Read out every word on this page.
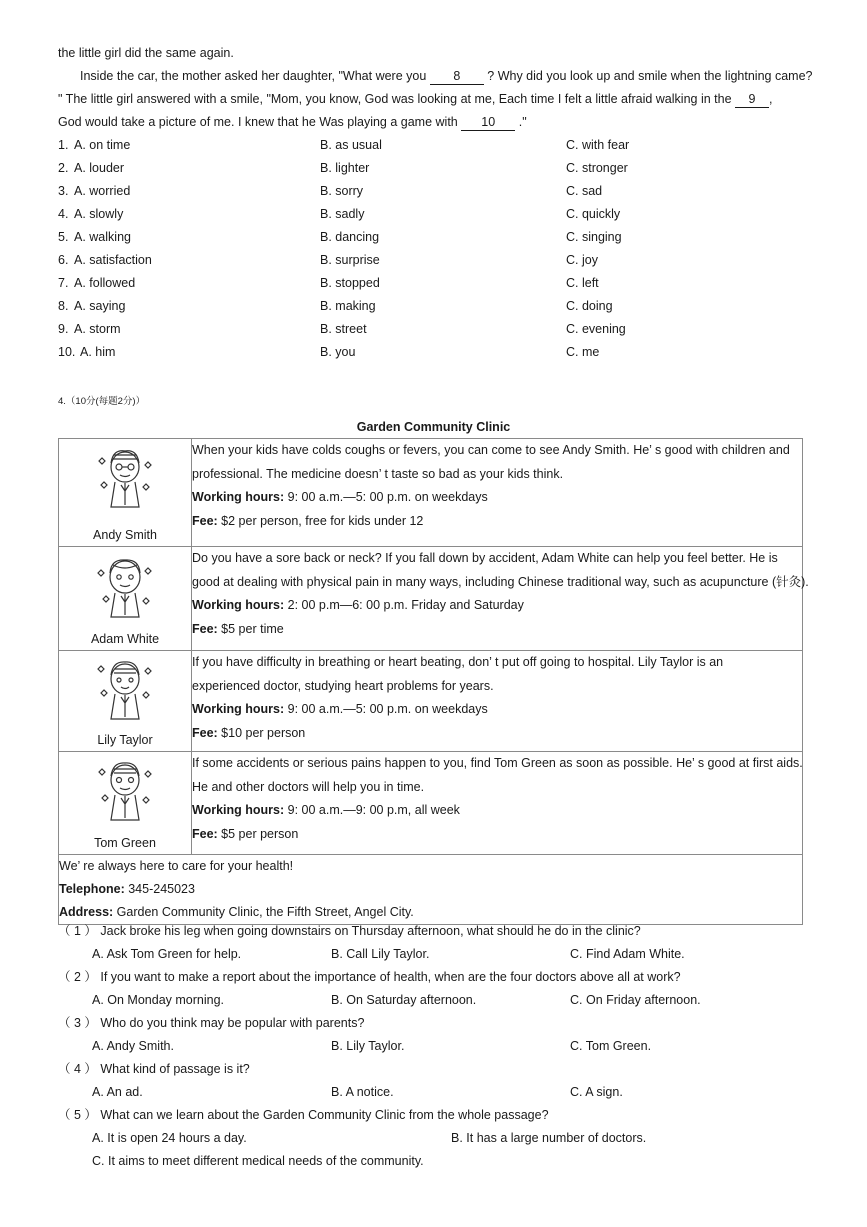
the little girl did the same again.
Inside the car, the mother asked her daughter, "What were you 8 ? Why did you look up and smile when the lightning came?
" The little girl answered with a smile, "Mom, you know, God was looking at me, Each time I felt a little afraid walking in the 9 ,
God would take a picture of me. I knew that he Was playing a game with 10 ."
1. A. on time	B. as usual	C. with fear
2. A. louder	B. lighter	C. stronger
3. A. worried	B. sorry	C. sad
4. A. slowly	B. sadly	C. quickly
5. A. walking	B. dancing	C. singing
6. A. satisfaction	B. surprise	C. joy
7. A. followed	B. stopped	C. left
8. A. saying	B. making	C. doing
9. A. storm	B. street	C. evening
10. A. him	B. you	C. me
4.（10分(每题2分)）
Garden Community Clinic
Andy Smith	When your kids have colds coughs or fevers, you can come to see Andy Smith. He’ s good with children and
professional. The medicine doesn’ t taste so bad as your kids think.
Working hours: 9: 00 a.m.—5: 00 p.m. on weekdays
Fee: $2 per person, free for kids under 12

Adam White	Do you have a sore back or neck? If you fall down by accident, Adam White can help you feel better. He is
good at dealing with physical pain in many ways, including Chinese traditional way, such as acupuncture (针灸).
Working hours: 2: 00 p.m—6: 00 p.m. Friday and Saturday
Fee: $5 per time

Lily Taylor	If you have difficulty in breathing or heart beating, don’ t put off going to hospital. Lily Taylor is an
experienced doctor, studying heart problems for years.
Working hours: 9: 00 a.m.—5: 00 p.m. on weekdays
Fee: $10 per person

Tom Green	If some accidents or serious pains happen to you, find Tom Green as soon as possible. He’ s good at first aids.
He and other doctors will help you in time.
Working hours: 9: 00 a.m.—9: 00 p.m, all week
Fee: $5 per person

We’ re always here to care for your health!
Telephone: 345-245023
Address: Garden Community Clinic, the Fifth Street, Angel City.	
（ 1 ） Jack broke his leg when going downstairs on Thursday afternoon, what should he do in the clinic?
A. Ask Tom Green for help.	B. Call Lily Taylor.	C. Find Adam White.
（ 2 ） If you want to make a report about the importance of health, when are the four doctors above all at work?
A. On Monday morning.	B. On Saturday afternoon.	C. On Friday afternoon.
（ 3 ） Who do you think may be popular with parents?
A. Andy Smith.	B. Lily Taylor.	C. Tom Green.
（ 4 ） What kind of passage is it?
A. An ad.	B. A notice.	C. A sign.
（ 5 ） What can we learn about the Garden Community Clinic from the whole passage?
A. It is open 24 hours a day.	B. It has a large number of doctors.
C. It aims to meet different medical needs of the community.
